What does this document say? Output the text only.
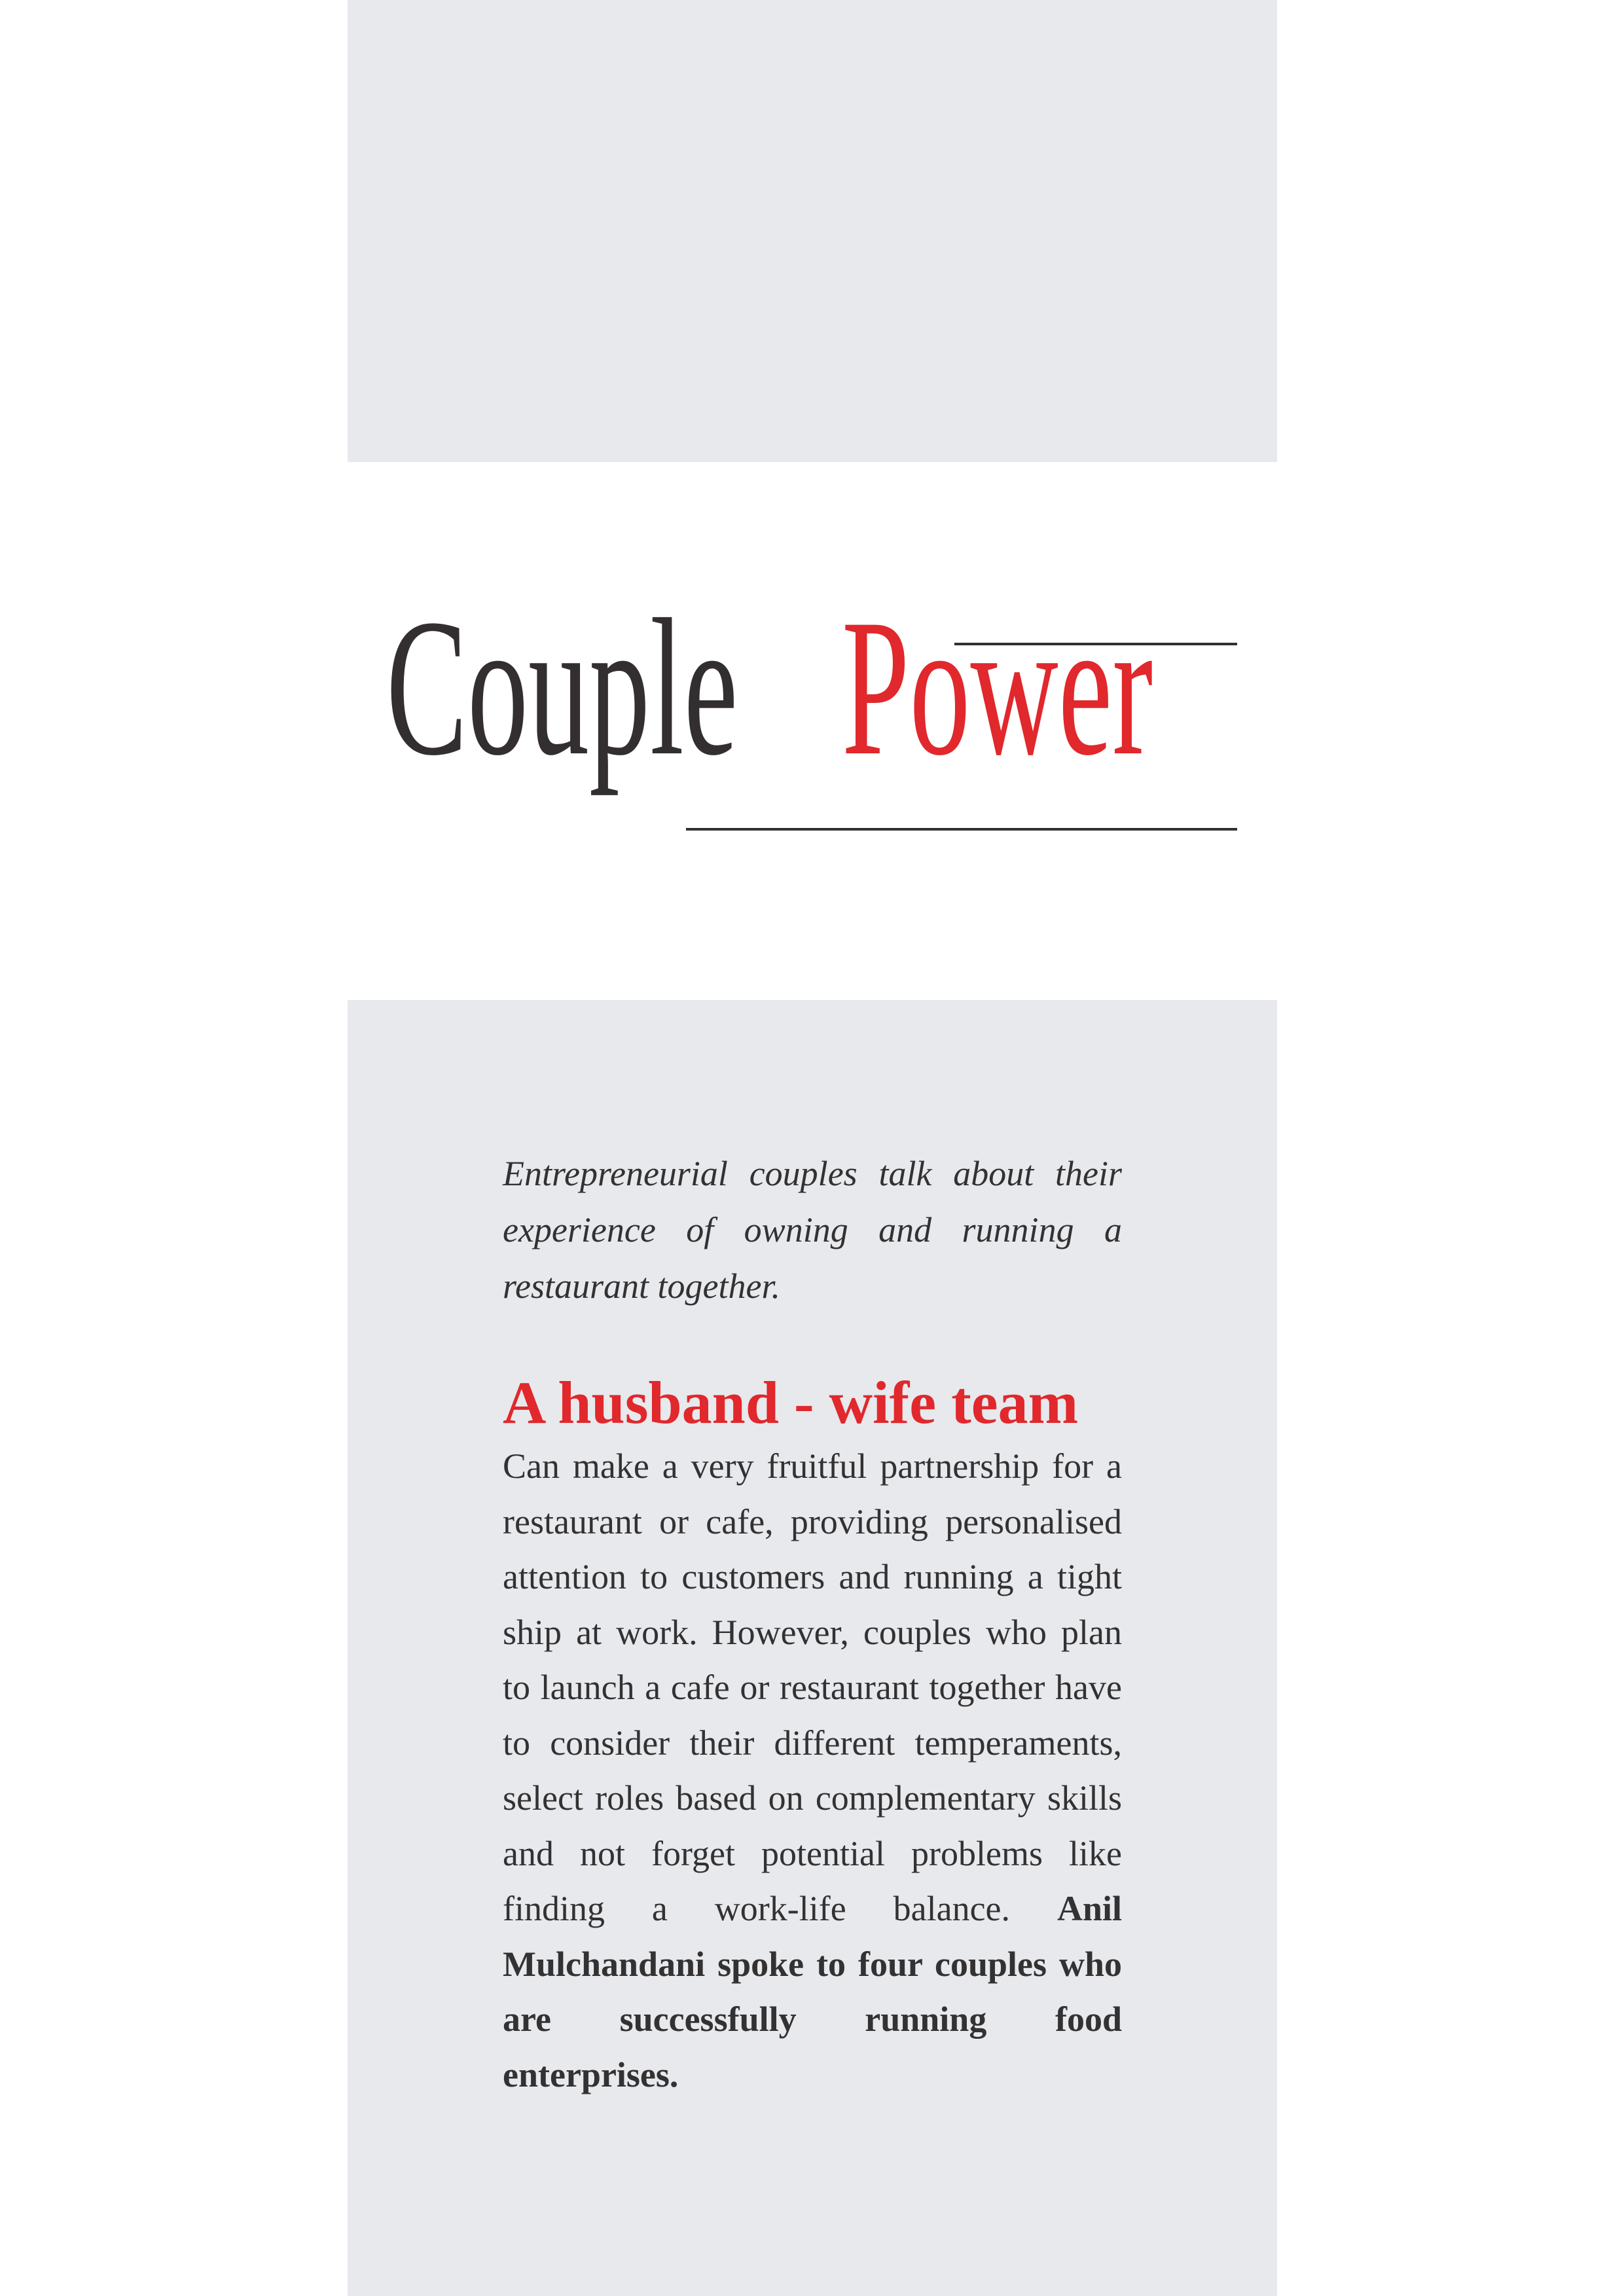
Couple Power

Entrepreneurial couples talk about their experience of owning and running a restaurant together.

A husband - wife team

Can make a very fruitful partnership for a restaurant or cafe, providing personalised attention to customers and running a tight ship at work. However, couples who plan to launch a cafe or restaurant together have to consider their different temperaments, select roles based on complementary skills and not forget potential problems like finding a work-life balance. Anil Mulchandani spoke to four couples who are successfully running food enterprises.
